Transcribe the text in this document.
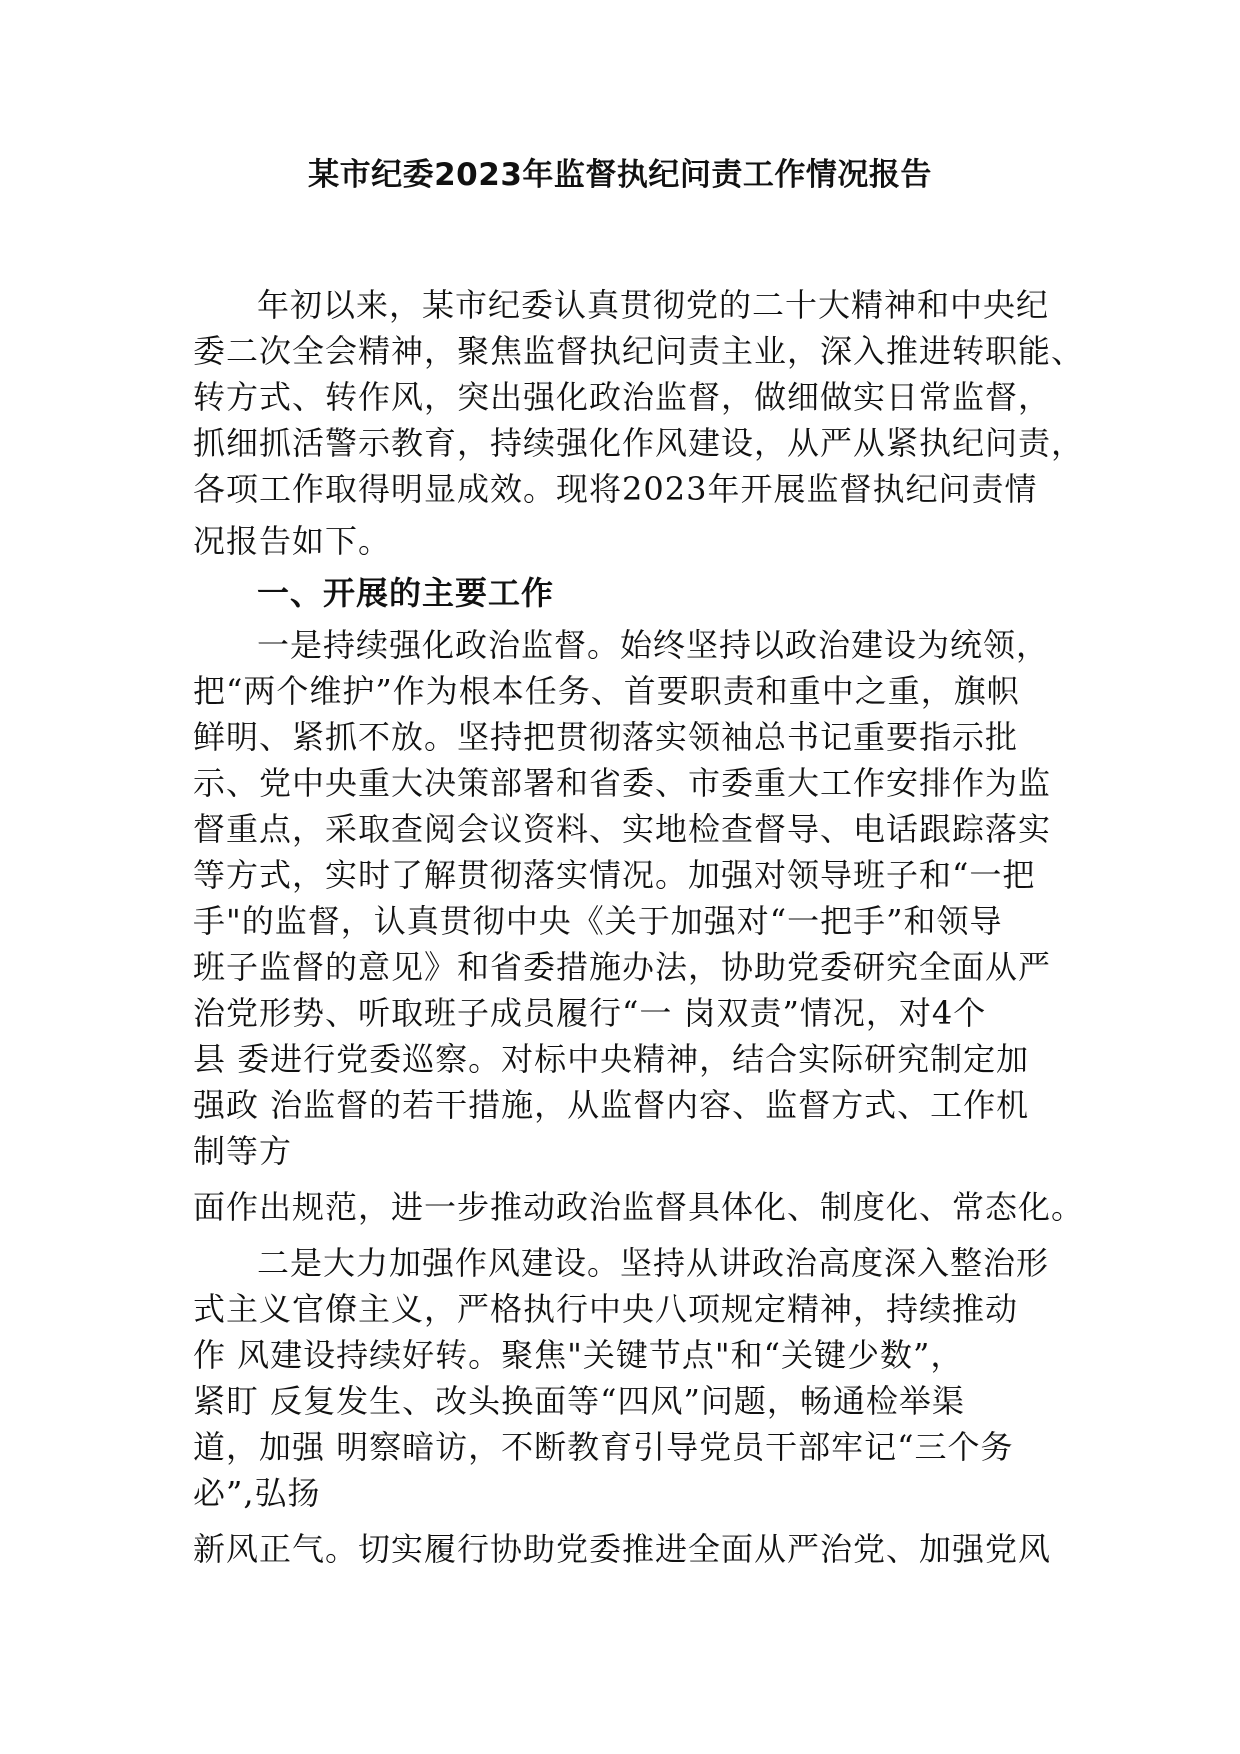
某市纪委2023年监督执纪问责工作情况报告
年初以来，某市纪委认真贯彻党的二十大精神和中央纪
委二次全会精神，聚焦监督执纪问责主业，深入推进转职能、
转方式、转作风，突出强化政治监督，做细做实日常监督，
抓细抓活警示教育，持续强化作风建设，从严从紧执纪问责，
各项工作取得明显成效。现将2023年开展监督执纪问责情
况报告如下。
一、开展的主要工作
一是持续强化政治监督。始终坚持以政治建设为统领，
把“两个维护”作为根本任务、首要职责和重中之重，旗帜
鲜明、紧抓不放。坚持把贯彻落实领袖总书记重要指示批
示、党中央重大决策部署和省委、市委重大工作安排作为监
督重点，采取查阅会议资料、实地检查督导、电话跟踪落实
等方式，实时了解贯彻落实情况。加强对领导班子和“一把
手"的监督，认真贯彻中央《关于加强对“一把手”和领导
班子监督的意见》和省委措施办法，协助党委研究全面从严
治党形势、听取班子成员履行“一 岗双责”情况，对4个
县 委进行党委巡察。对标中央精神，结合实际研究制定加
强政 治监督的若干措施，从监督内容、监督方式、工作机
制等方
面作出规范，进一步推动政治监督具体化、制度化、常态化。
二是大力加强作风建设。坚持从讲政治高度深入整治形
式主义官僚主义，严格执行中央八项规定精神，持续推动
作 风建设持续好转。聚焦"关键节点"和“关键少数”，
紧盯 反复发生、改头换面等“四风”问题，畅通检举渠
道，加强 明察暗访，不断教育引导党员干部牢记“三个务
必”,弘扬
新风正气。切实履行协助党委推进全面从严治党、加强党风
